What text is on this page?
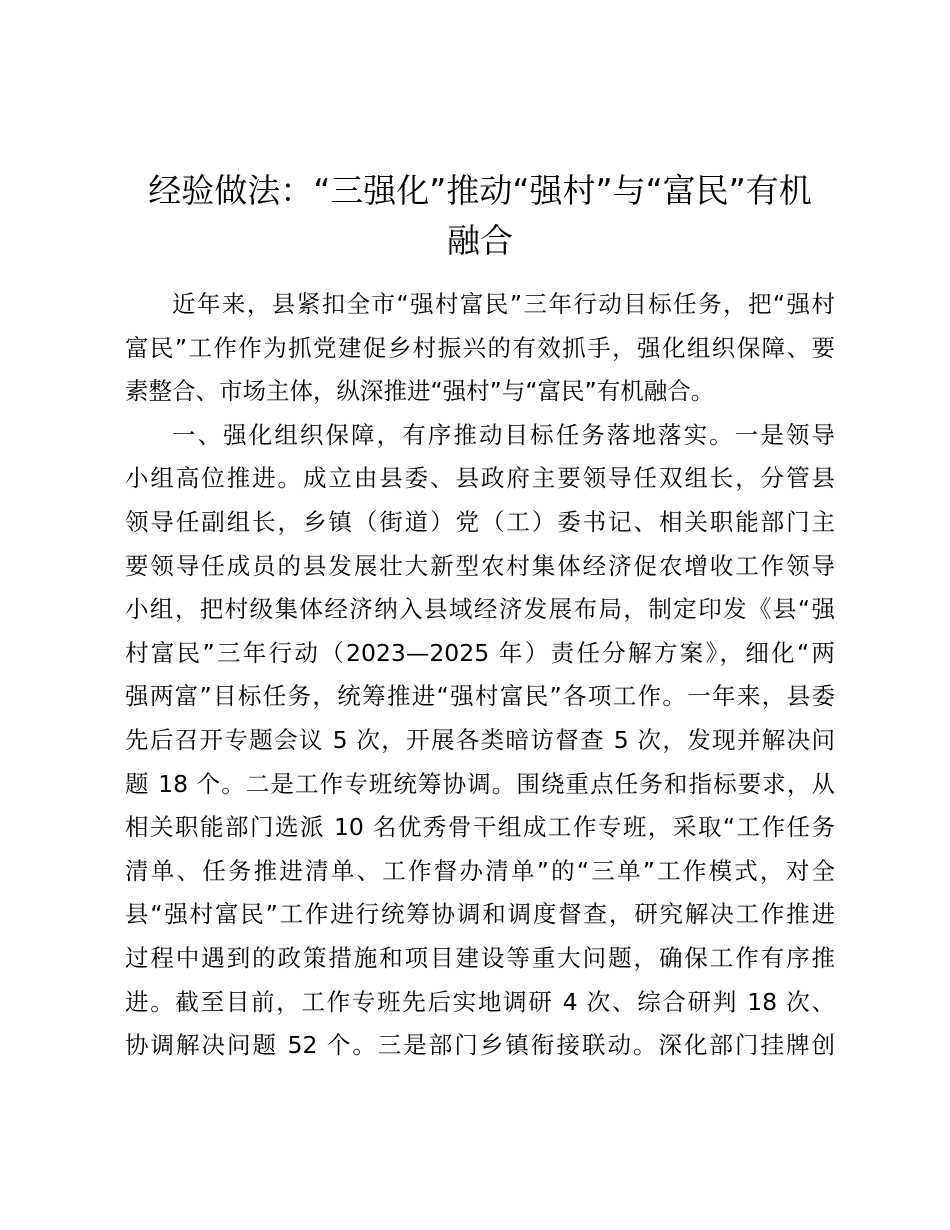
经验做法：“三强化”推动“强村”与“富民”有机
融合
近年来，县紧扣全市“强村富民”三年行动目标任务，把“强村
富民”工作作为抓党建促乡村振兴的有效抓手，强化组织保障、要
素整合、市场主体，纵深推进“强村”与“富民”有机融合。
一、强化组织保障，有序推动目标任务落地落实。一是领导
小组高位推进。成立由县委、县政府主要领导任双组长，分管县
领导任副组长，乡镇（街道）党（工）委书记、相关职能部门主
要领导任成员的县发展壮大新型农村集体经济促农增收工作领导
小组，把村级集体经济纳入县域经济发展布局，制定印发《县“强
村富民”三年行动（2023—2025 年）责任分解方案》，细化“两
强两富”目标任务，统筹推进“强村富民”各项工作。一年来，县委
先后召开专题会议 5 次，开展各类暗访督查 5 次，发现并解决问
题 18 个。二是工作专班统筹协调。围绕重点任务和指标要求，从
相关职能部门选派 10 名优秀骨干组成工作专班，采取“工作任务
清单、任务推进清单、工作督办清单”的“三单”工作模式，对全
县“强村富民”工作进行统筹协调和调度督查，研究解决工作推进
过程中遇到的政策措施和项目建设等重大问题，确保工作有序推
进。截至目前，工作专班先后实地调研 4 次、综合研判 18 次、
协调解决问题 52 个。三是部门乡镇衔接联动。深化部门挂牌创
